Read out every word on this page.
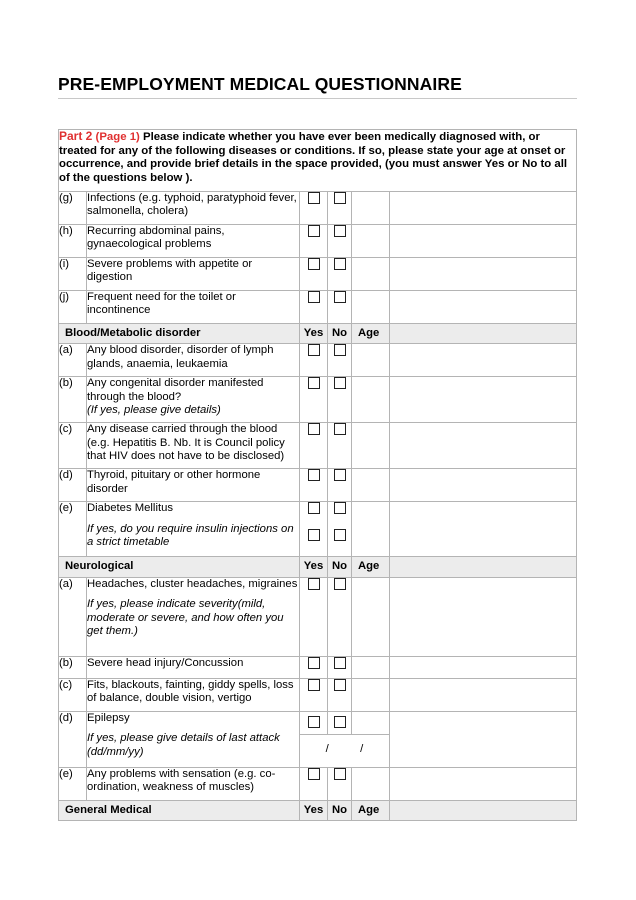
PRE-EMPLOYMENT MEDICAL QUESTIONNAIRE
Part 2 (Page 1) Please indicate whether you have ever been medically diagnosed with, or treated for any of the following diseases or conditions. If so, please state your age at onset or occurrence, and provide brief details in the space provided, (you must answer Yes or No to all of the questions below ).					
(g)	Infections (e.g. typhoid, paratyphoid fever, salmonella, cholera)				
(h)	Recurring abdominal pains, gynaecological problems				
(i)	Severe problems with appetite or digestion				
(j)	Frequent need for the toilet or incontinence				
Blood/Metabolic disorder		Yes	No	Age	
(a)	Any blood disorder, disorder of lymph glands, anaemia, leukaemia				
(b)	Any congenital disorder manifested through the blood?
(If yes, please give details)				

(c)	Any disease carried through the blood (e.g. Hepatitis B. Nb. It is Council policy that HIV does not have to be disclosed)				
(d)	Thyroid, pituitary or other hormone disorder				
(e)	Diabetes Mellitus
If yes, do you require insulin injections on a strict timetable				

Neurological		Yes	No	Age	
(a)	Headaches, cluster headaches, migraines
If yes, please indicate severity(mild, moderate or severe, and how often you get them.)				

(b)	Severe head injury/Concussion				
(c)	Fits, blackouts, fainting, giddy spells, loss of balance, double vision, vertigo				
(d)	Epilepsy
If yes, please give details of last attack (dd/mm/yy)	/          /			

(e)	Any problems with sensation (e.g. co-ordination, weakness of muscles)				
General Medical		Yes	No	Age	
